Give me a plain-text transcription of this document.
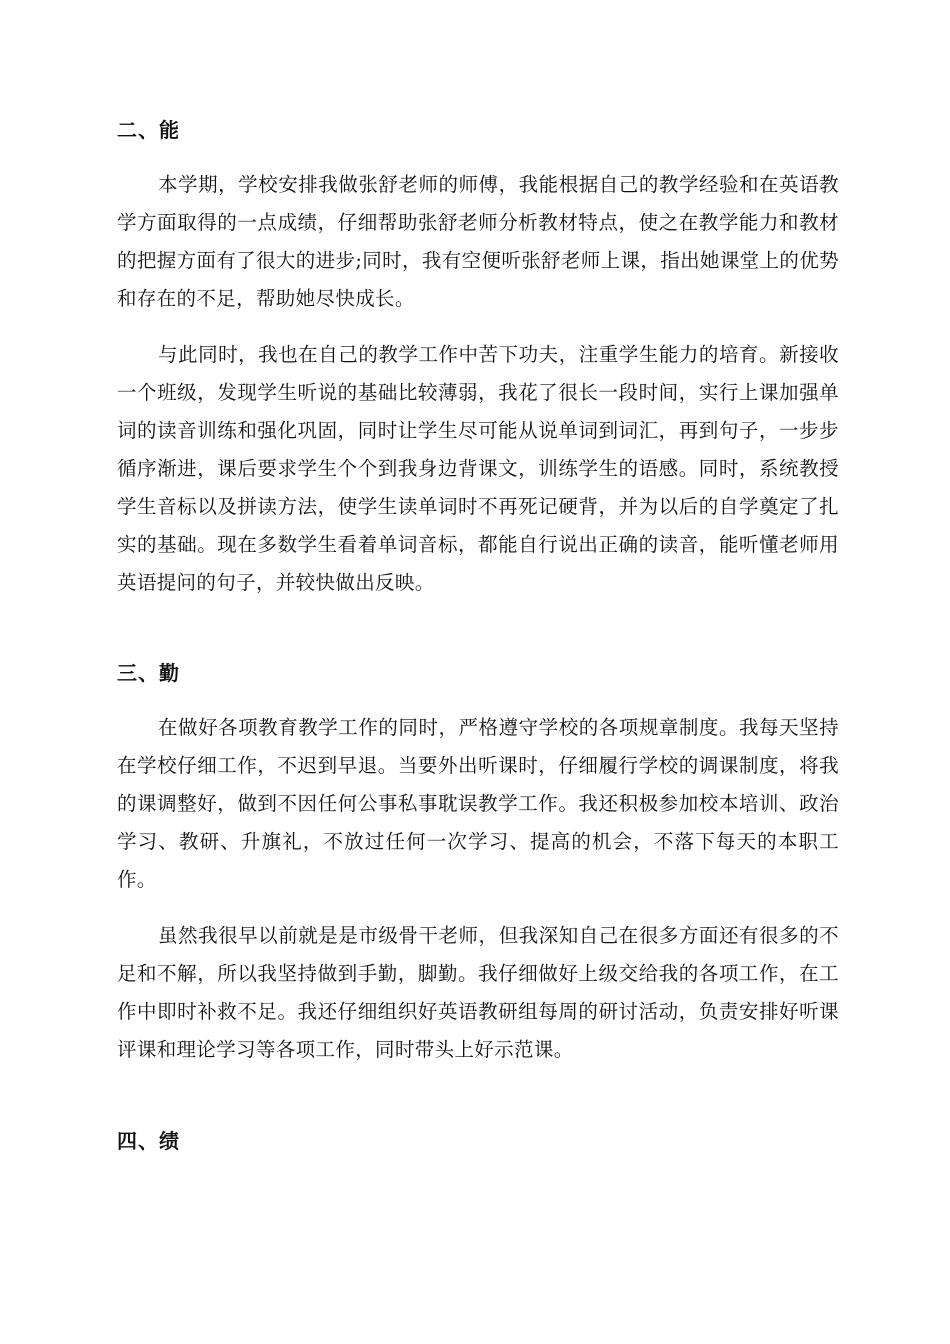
二、能

本学期，学校安排我做张舒老师的师傅，我能根据自己的教学经验和在英语教学方面取得的一点成绩，仔细帮助张舒老师分析教材特点，使之在教学能力和教材的把握方面有了很大的进步;同时，我有空便听张舒老师上课，指出她课堂上的优势和存在的不足，帮助她尽快成长。

与此同时，我也在自己的教学工作中苦下功夫，注重学生能力的培育。新接收一个班级，发现学生听说的基础比较薄弱，我花了很长一段时间，实行上课加强单词的读音训练和强化巩固，同时让学生尽可能从说单词到词汇，再到句子，一步步循序渐进，课后要求学生个个到我身边背课文，训练学生的语感。同时，系统教授学生音标以及拼读方法，使学生读单词时不再死记硬背，并为以后的自学奠定了扎实的基础。现在多数学生看着单词音标，都能自行说出正确的读音，能听懂老师用英语提问的句子，并较快做出反映。

三、勤

在做好各项教育教学工作的同时，严格遵守学校的各项规章制度。我每天坚持在学校仔细工作，不迟到早退。当要外出听课时，仔细履行学校的调课制度，将我的课调整好，做到不因任何公事私事耽误教学工作。我还积极参加校本培训、政治学习、教研、升旗礼，不放过任何一次学习、提高的机会，不落下每天的本职工作。

虽然我很早以前就是是市级骨干老师，但我深知自己在很多方面还有很多的不足和不解，所以我坚持做到手勤，脚勤。我仔细做好上级交给我的各项工作，在工作中即时补救不足。我还仔细组织好英语教研组每周的研讨活动，负责安排好听课评课和理论学习等各项工作，同时带头上好示范课。

四、绩
